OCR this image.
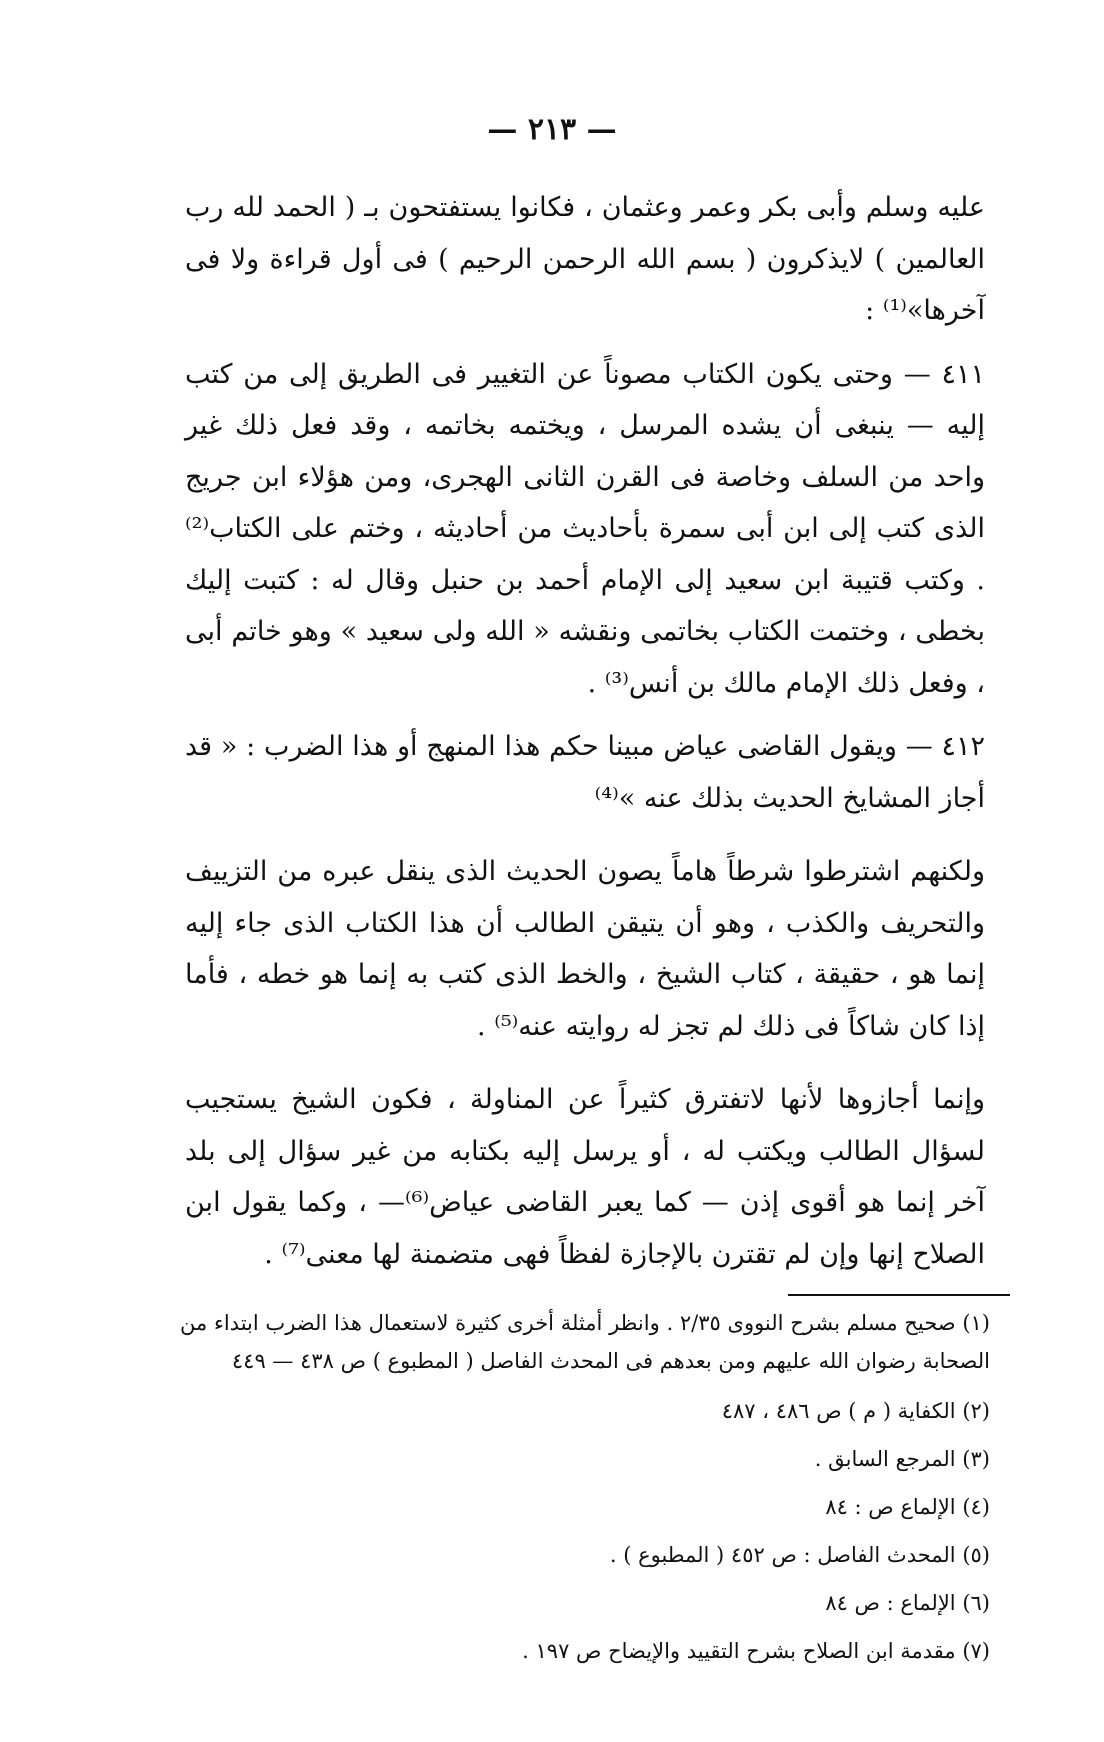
— ٢١٣ —

عليه وسلم وأبى بكر وعمر وعثمان ، فكانوا يستفتحون بـ ( الحمد لله رب العالمين ) لايذكرون ( بسم الله الرحمن الرحيم ) فى أول قراءة ولا فى آخرها»⁽¹⁾ :

٤١١ — وحتى يكون الكتاب مصوناً عن التغيير فى الطريق إلى من كتب إليه — ينبغى أن يشده المرسل ، ويختمه بخاتمه ، وقد فعل ذلك غير واحد من السلف وخاصة فى القرن الثانى الهجرى، ومن هؤلاء ابن جريج الذى كتب إلى ابن أبى سمرة بأحاديث من أحاديثه ، وختم على الكتاب⁽²⁾ . وكتب قتيبة ابن سعيد إلى الإمام أحمد بن حنبل وقال له : كتبت إليك بخطى ، وختمت الكتاب بخاتمى ونقشه « الله ولى سعيد » وهو خاتم أبى ، وفعل ذلك الإمام مالك بن أنس⁽³⁾ .

٤١٢ — ويقول القاضى عياض مبينا حكم هذا المنهج أو هذا الضرب : « قد أجاز المشايخ الحديث بذلك عنه »⁽⁴⁾

ولكنهم اشترطوا شرطاً هاماً يصون الحديث الذى ينقل عبره من التزييف والتحريف والكذب ، وهو أن يتيقن الطالب أن هذا الكتاب الذى جاء إليه إنما هو ، حقيقة ، كتاب الشيخ ، والخط الذى كتب به إنما هو خطه ، فأما إذا كان شاكاً فى ذلك لم تجز له روايته عنه⁽⁵⁾ .

وإنما أجازوها لأنها لاتفترق كثيراً عن المناولة ، فكون الشيخ يستجيب لسؤال الطالب ويكتب له ، أو يرسل إليه بكتابه من غير سؤال إلى بلد آخر إنما هو أقوى إذن — كما يعبر القاضى عياض⁽⁶⁾— ، وكما يقول ابن الصلاح إنها وإن لم تقترن بالإجازة لفظاً فهى متضمنة لها معنى⁽⁷⁾ .

(١) صحيح مسلم بشرح النووى ٢/٣٥ . وانظر أمثلة أخرى كثيرة لاستعمال هذا الضرب ابتداء من الصحابة رضوان الله عليهم ومن بعدهم فى المحدث الفاصل ( المطبوع ) ص ٤٣٨ — ٤٤٩

(٢) الكفاية ( م ) ص ٤٨٦ ، ٤٨٧

(٣) المرجع السابق .

(٤) الإلماع ص : ٨٤

(٥) المحدث الفاصل : ص ٤٥٢ ( المطبوع ) .

(٦) الإلماع : ص ٨٤

(٧) مقدمة ابن الصلاح بشرح التقييد والإيضاح ص ١٩٧ .
